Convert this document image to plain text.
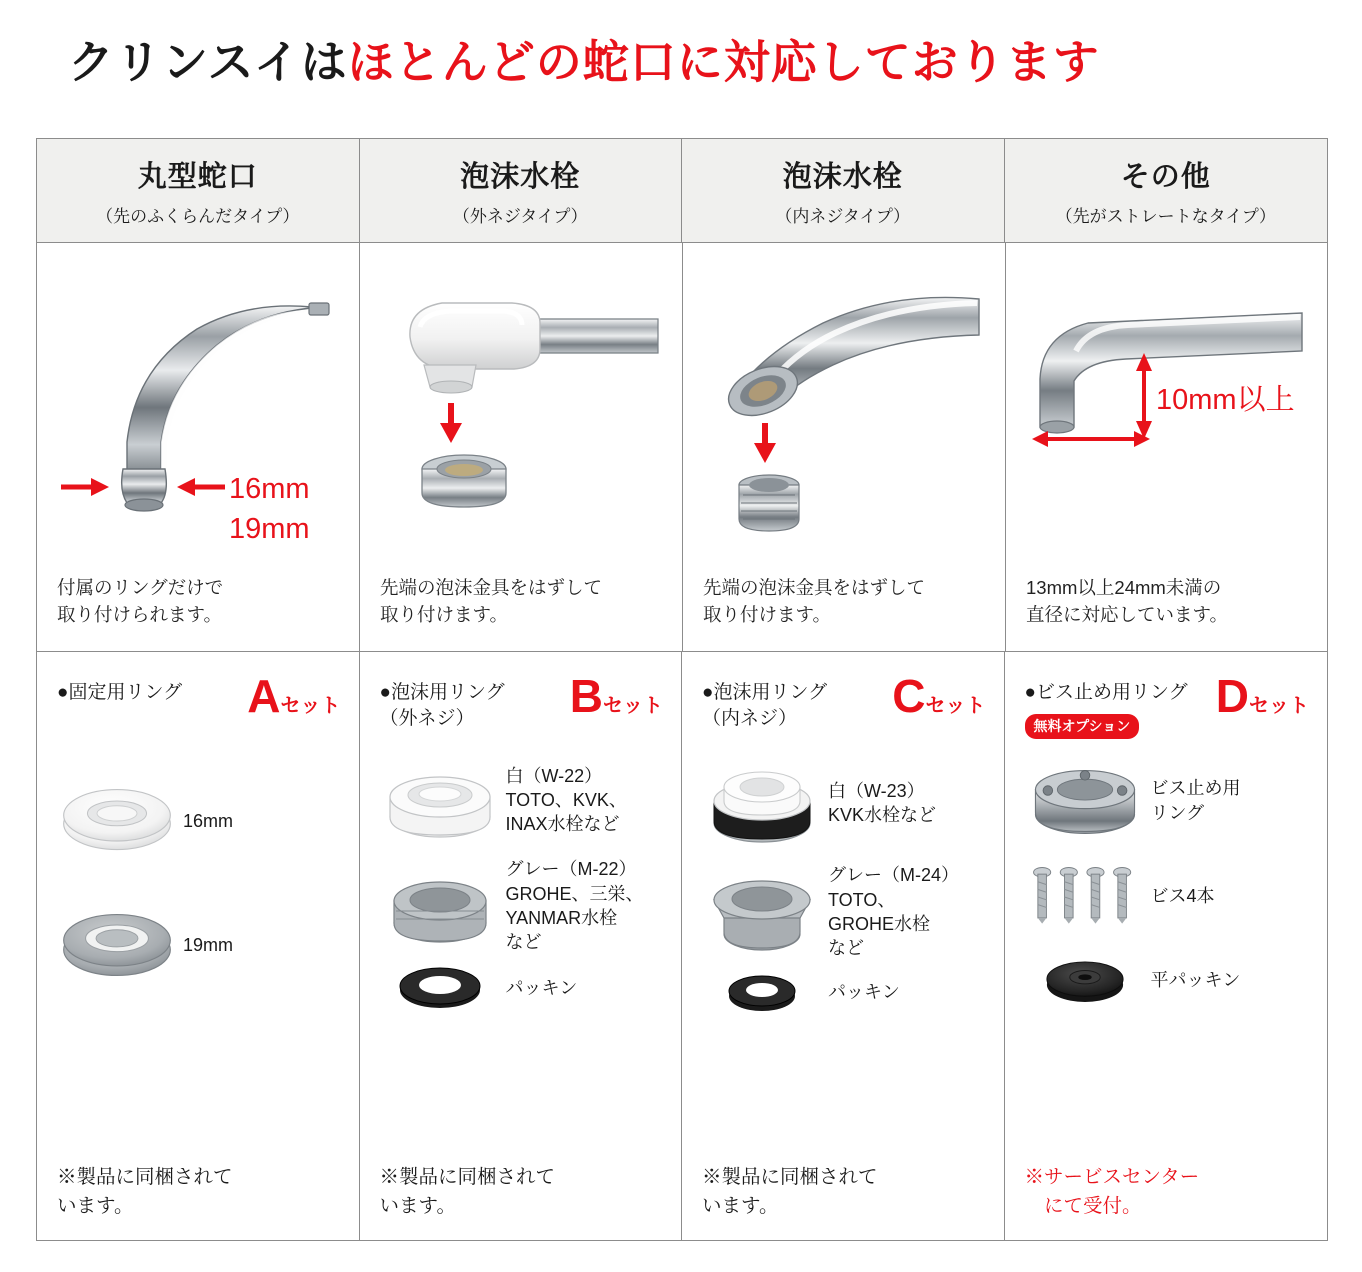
クリンスイはほとんどの蛇口に対応しております
丸型蛇口
（先のふくらんだタイプ）
泡沫水栓
（外ネジタイプ）
泡沫水栓
（内ネジタイプ）
その他
（先がストレートなタイプ）
16mm
19mm
付属のリングだけで
取り付けられます。
先端の泡沫金具をはずして
取り付けます。
先端の泡沫金具をはずして
取り付けます。
10mm以上
13mm以上24mm未満の
直径に対応しています。
●固定用リング Aセット
16mm
19mm
※製品に同梱されて
います。
●泡沫用リング
（外ネジ）	Bセット
白（W-22）
TOTO、KVK、
INAX水栓など
グレー（M-22）
GROHE、三栄、
YANMAR水栓
など
パッキン
※製品に同梱されて
います。
●泡沫用リング
（内ネジ）	Cセット
白（W-23）
KVK水栓など
グレー（M-24）
TOTO、
GROHE水栓
など
パッキン
※製品に同梱されて
います。
●ビス止め用リング
無料オプション
Dセット
ビス止め用
リング
ビス4本
平パッキン
※サービスセンター
　にて受付。
